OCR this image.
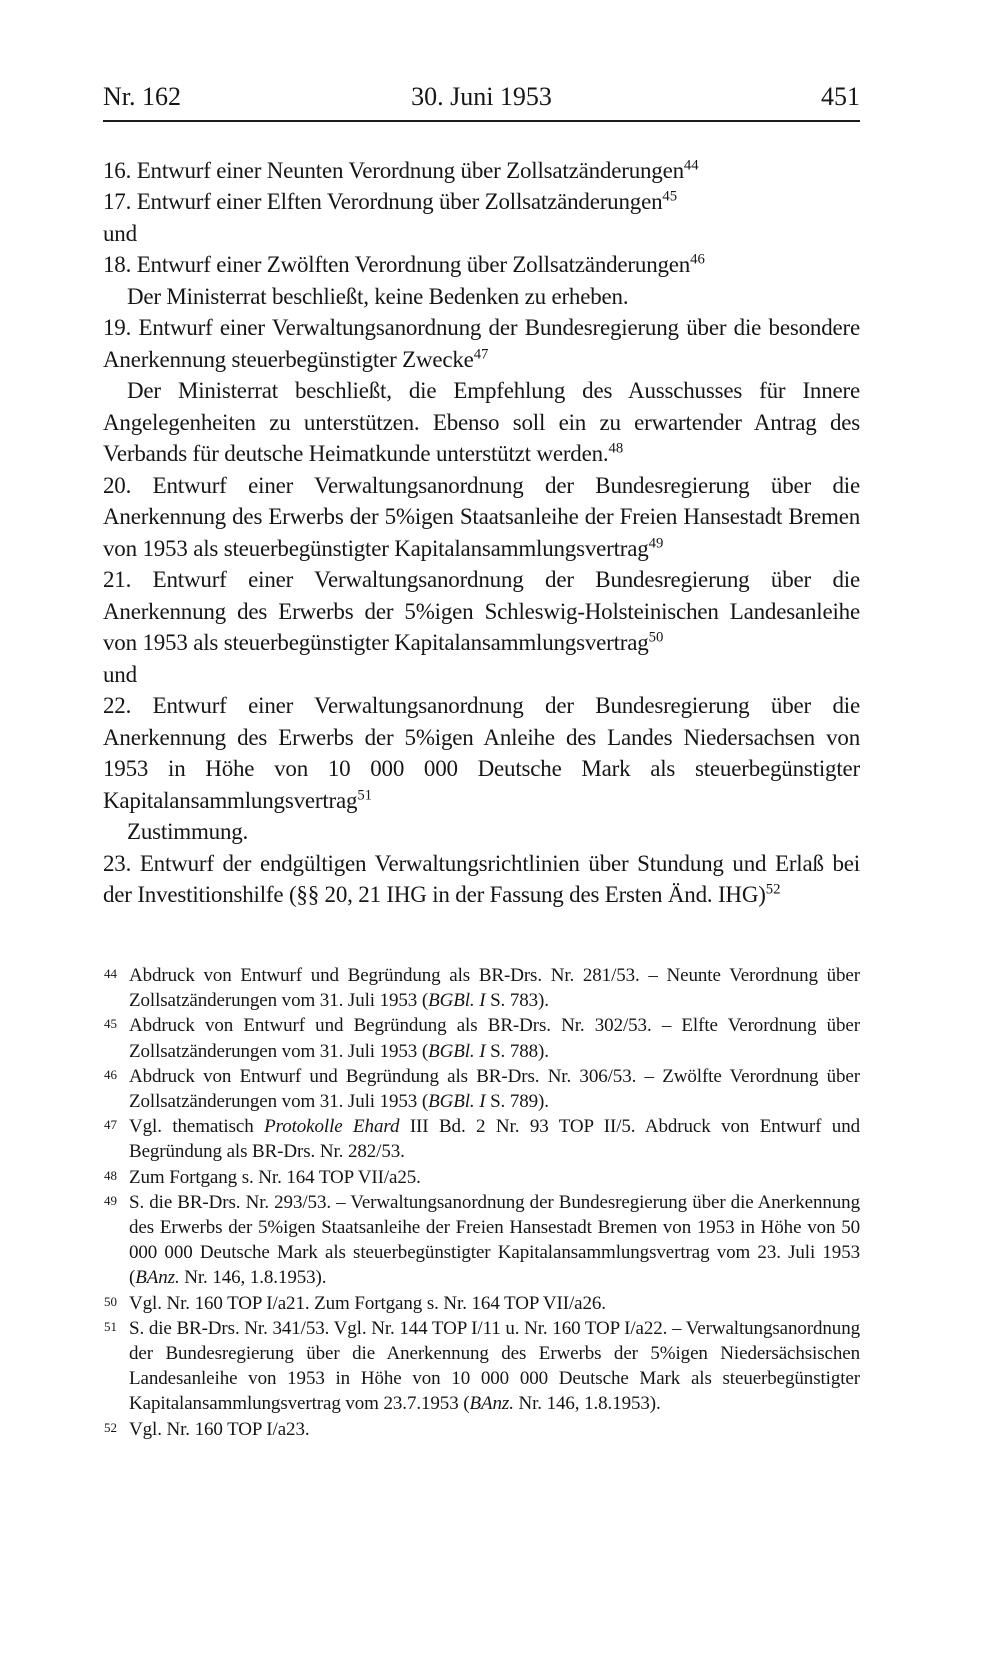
Nr. 162	30. Juni 1953	451

16. Entwurf einer Neunten Verordnung über Zollsatzänderungen$^{44}$

17. Entwurf einer Elften Verordnung über Zollsatzänderungen$^{45}$

und

18. Entwurf einer Zwölften Verordnung über Zollsatzänderungen$^{46}$

Der Ministerrat beschließt, keine Bedenken zu erheben.

19. Entwurf einer Verwaltungsanordnung der Bundesregierung über die besondere Anerkennung steuerbegünstigter Zwecke$^{47}$

Der Ministerrat beschließt, die Empfehlung des Ausschusses für Innere Angelegenheiten zu unterstützen. Ebenso soll ein zu erwartender Antrag des Verbands für deutsche Heimatkunde unterstützt werden.$^{48}$

20. Entwurf einer Verwaltungsanordnung der Bundesregierung über die Anerkennung des Erwerbs der 5%igen Staatsanleihe der Freien Hansestadt Bremen von 1953 als steuerbegünstigter Kapitalansammlungsvertrag$^{49}$

21. Entwurf einer Verwaltungsanordnung der Bundesregierung über die Anerkennung des Erwerbs der 5%igen Schleswig-Holsteinischen Landesanleihe von 1953 als steuerbegünstigter Kapitalansammlungsvertrag$^{50}$

und

22. Entwurf einer Verwaltungsanordnung der Bundesregierung über die Anerkennung des Erwerbs der 5%igen Anleihe des Landes Niedersachsen von 1953 in Höhe von 10 000 000 Deutsche Mark als steuerbegünstigter Kapitalansammlungsvertrag$^{51}$

Zustimmung.

23. Entwurf der endgültigen Verwaltungsrichtlinien über Stundung und Erlaß bei der Investitionshilfe (§§ 20, 21 IHG in der Fassung des Ersten Änd. IHG)$^{52}$

44 Abdruck von Entwurf und Begründung als BR-Drs. Nr. 281/53. – Neunte Verordnung über Zollsatzänderungen vom 31. Juli 1953 (BGBl. I S. 783).
45 Abdruck von Entwurf und Begründung als BR-Drs. Nr. 302/53. – Elfte Verordnung über Zollsatzänderungen vom 31. Juli 1953 (BGBl. I S. 788).
46 Abdruck von Entwurf und Begründung als BR-Drs. Nr. 306/53. – Zwölfte Verordnung über Zollsatzänderungen vom 31. Juli 1953 (BGBl. I S. 789).
47 Vgl. thematisch Protokolle Ehard III Bd. 2 Nr. 93 TOP II/5. Abdruck von Entwurf und Begründung als BR-Drs. Nr. 282/53.
48 Zum Fortgang s. Nr. 164 TOP VII/a25.
49 S. die BR-Drs. Nr. 293/53. – Verwaltungsanordnung der Bundesregierung über die Anerkennung des Erwerbs der 5%igen Staatsanleihe der Freien Hansestadt Bremen von 1953 in Höhe von 50 000 000 Deutsche Mark als steuerbegünstigter Kapitalansammlungsvertrag vom 23. Juli 1953 (BAnz. Nr. 146, 1.8.1953).
50 Vgl. Nr. 160 TOP I/a21. Zum Fortgang s. Nr. 164 TOP VII/a26.
51 S. die BR-Drs. Nr. 341/53. Vgl. Nr. 144 TOP I/11 u. Nr. 160 TOP I/a22. – Verwaltungsanordnung der Bundesregierung über die Anerkennung des Erwerbs der 5%igen Niedersächsischen Landesanleihe von 1953 in Höhe von 10 000 000 Deutsche Mark als steuerbegünstigter Kapitalansammlungsvertrag vom 23.7.1953 (BAnz. Nr. 146, 1.8.1953).
52 Vgl. Nr. 160 TOP I/a23.
